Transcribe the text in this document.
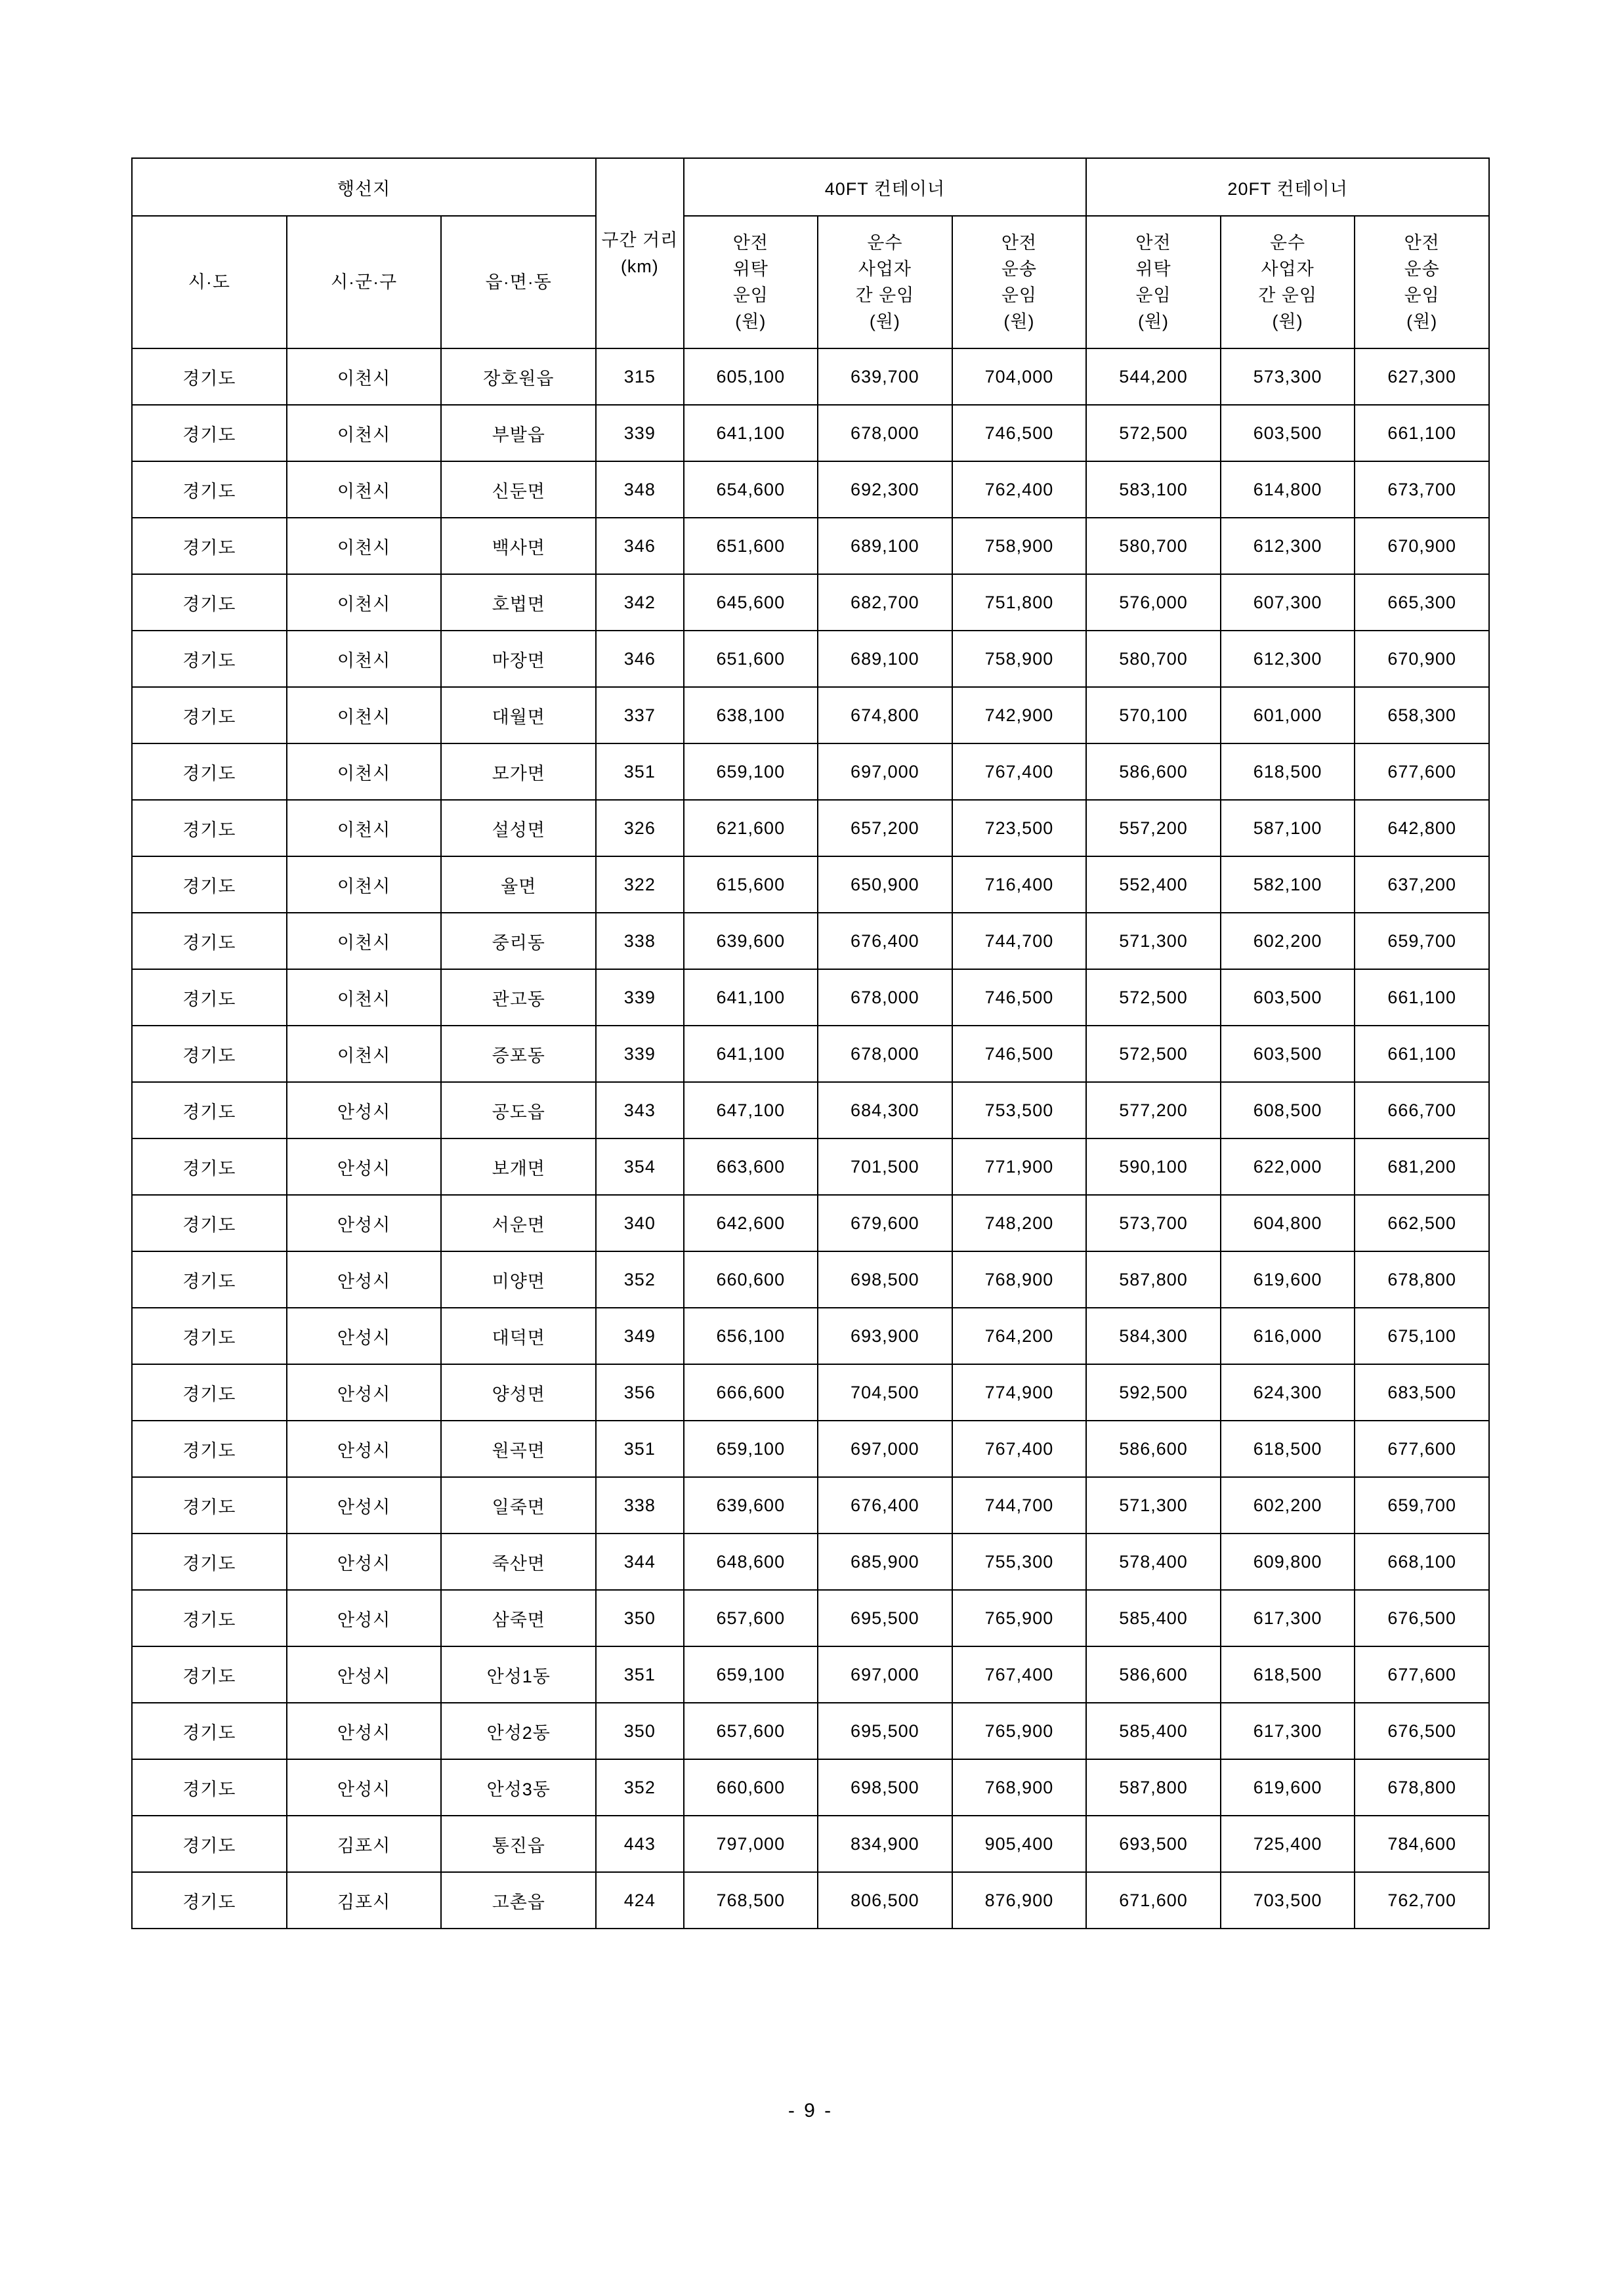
행선지			구간 거리 (km)	40FT 컨테이너			20FT 컨테이너		
시·도	시·군·구	읍·면·동		안전
위탁
운임
(원)	운수
사업자
간 운임
(원)	안전
운송
운임
(원)	안전
위탁
운임
(원)	운수
사업자
간 운임
(원)	안전
운송
운임
(원)

경기도	이천시	장호원읍	315	605,100	639,700	704,000	544,200	573,300	627,300
경기도	이천시	부발읍	339	641,100	678,000	746,500	572,500	603,500	661,100
경기도	이천시	신둔면	348	654,600	692,300	762,400	583,100	614,800	673,700
경기도	이천시	백사면	346	651,600	689,100	758,900	580,700	612,300	670,900
경기도	이천시	호법면	342	645,600	682,700	751,800	576,000	607,300	665,300
경기도	이천시	마장면	346	651,600	689,100	758,900	580,700	612,300	670,900
경기도	이천시	대월면	337	638,100	674,800	742,900	570,100	601,000	658,300
경기도	이천시	모가면	351	659,100	697,000	767,400	586,600	618,500	677,600
경기도	이천시	설성면	326	621,600	657,200	723,500	557,200	587,100	642,800
경기도	이천시	율면	322	615,600	650,900	716,400	552,400	582,100	637,200
경기도	이천시	중리동	338	639,600	676,400	744,700	571,300	602,200	659,700
경기도	이천시	관고동	339	641,100	678,000	746,500	572,500	603,500	661,100
경기도	이천시	증포동	339	641,100	678,000	746,500	572,500	603,500	661,100
경기도	안성시	공도읍	343	647,100	684,300	753,500	577,200	608,500	666,700
경기도	안성시	보개면	354	663,600	701,500	771,900	590,100	622,000	681,200
경기도	안성시	서운면	340	642,600	679,600	748,200	573,700	604,800	662,500
경기도	안성시	미양면	352	660,600	698,500	768,900	587,800	619,600	678,800
경기도	안성시	대덕면	349	656,100	693,900	764,200	584,300	616,000	675,100
경기도	안성시	양성면	356	666,600	704,500	774,900	592,500	624,300	683,500
경기도	안성시	원곡면	351	659,100	697,000	767,400	586,600	618,500	677,600
경기도	안성시	일죽면	338	639,600	676,400	744,700	571,300	602,200	659,700
경기도	안성시	죽산면	344	648,600	685,900	755,300	578,400	609,800	668,100
경기도	안성시	삼죽면	350	657,600	695,500	765,900	585,400	617,300	676,500
경기도	안성시	안성1동	351	659,100	697,000	767,400	586,600	618,500	677,600
경기도	안성시	안성2동	350	657,600	695,500	765,900	585,400	617,300	676,500
경기도	안성시	안성3동	352	660,600	698,500	768,900	587,800	619,600	678,800
경기도	김포시	통진읍	443	797,000	834,900	905,400	693,500	725,400	784,600
경기도	김포시	고촌읍	424	768,500	806,500	876,900	671,600	703,500	762,700
- 9 -
